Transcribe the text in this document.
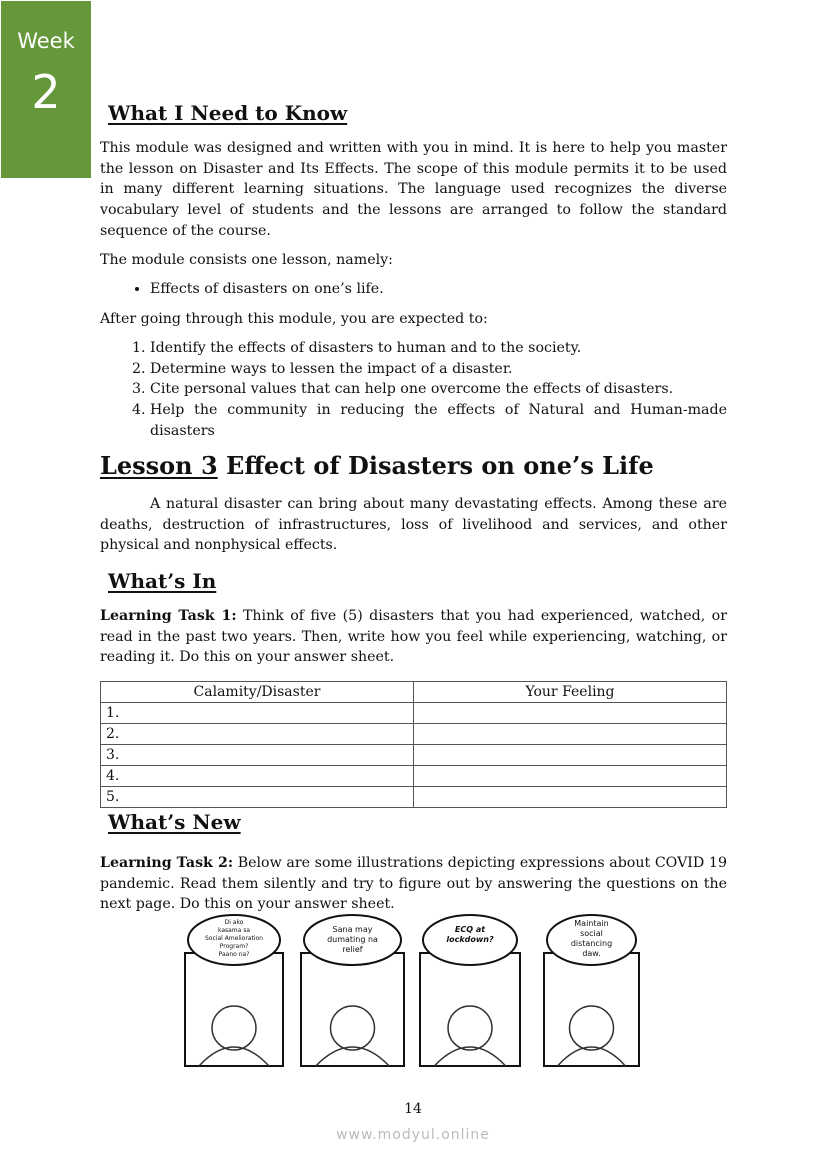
Week
2	What I Need to Know
This module was designed and written with you in mind. It is here to help you master the lesson on Disaster and Its Effects. The scope of this module permits it to be used in many different learning situations. The language used recognizes the diverse vocabulary level of students and the lessons are arranged to follow the standard sequence of the course.
The module consists one lesson, namely:
• Effects of disasters on one’s life.
After going through this module, you are expected to:
1. Identify the effects of disasters to human and to the society.
2. Determine ways to lessen the impact of a disaster.
3. Cite personal values that can help one overcome the effects of disasters.
4. Help the community in reducing the effects of Natural and Human-made disasters
Lesson 3 Effect of Disasters on one’s Life
A natural disaster can bring about many devastating effects. Among these are deaths, destruction of infrastructures, loss of livelihood and services, and other physical and nonphysical effects.
What’s In
Learning Task 1: Think of five (5) disasters that you had experienced, watched, or read in the past two years. Then, write how you feel while experiencing, watching, or reading it. Do this on your answer sheet.
Calamity/Disaster	Your Feeling
1.	
2.	
3.	
4.	
5.	
What’s New
Learning Task 2: Below are some illustrations depicting expressions about COVID 19 pandemic. Read them silently and try to figure out by answering the questions on the next page. Do this on your answer sheet.
Di ako
kasama sa
Social Amelioration
Program?
Paano na?
Sana may
dumating na
relief
ECQ at
lockdown?
Maintain
social
distancing
daw.
14
www.modyul.online
